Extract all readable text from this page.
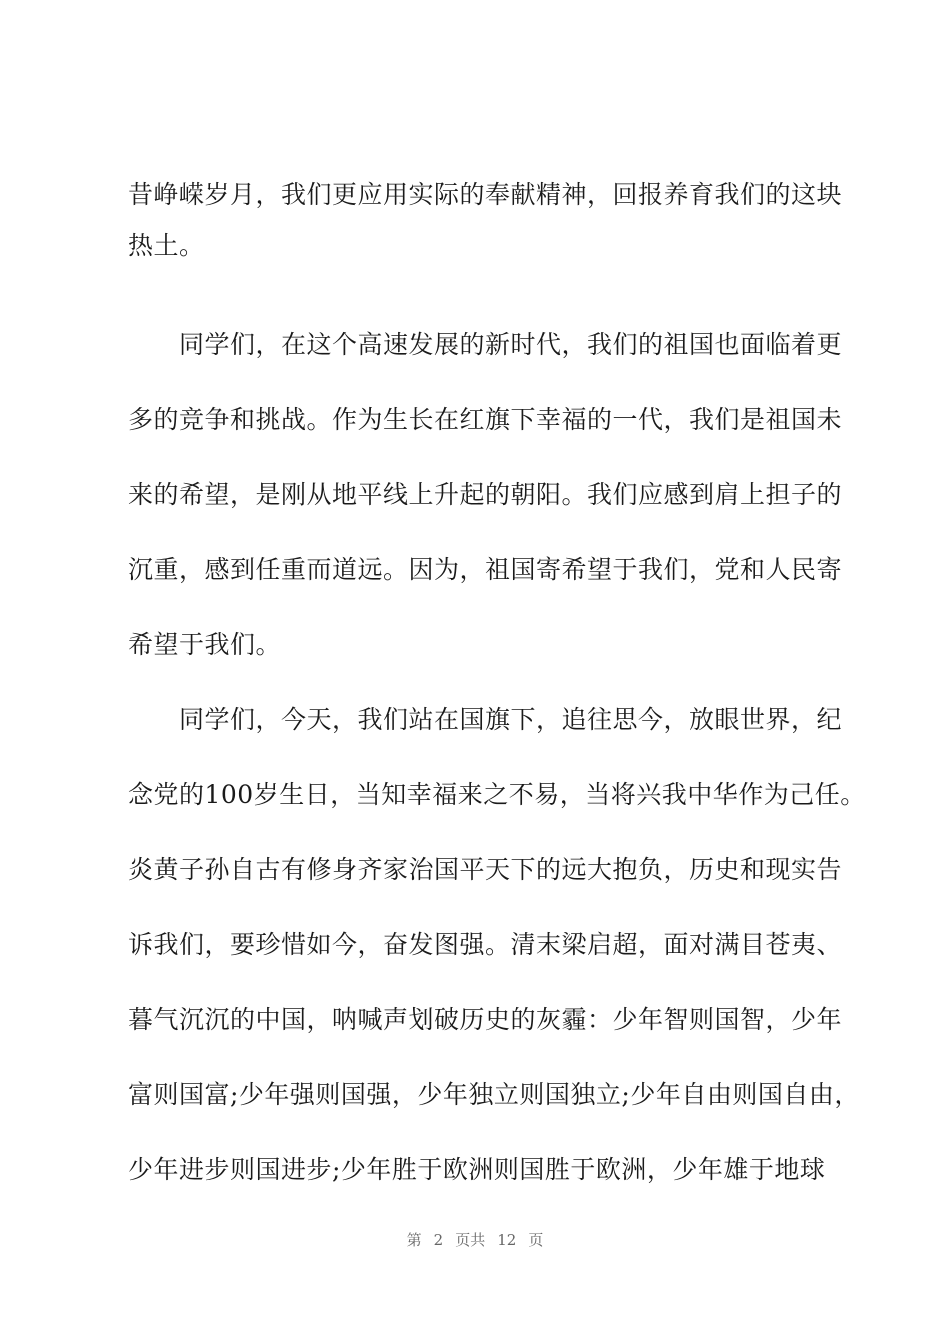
昔峥嵘岁月，我们更应用实际的奉献精神，回报养育我们的这块
热土。
　　同学们，在这个高速发展的新时代，我们的祖国也面临着更
多的竞争和挑战。作为生长在红旗下幸福的一代，我们是祖国未
来的希望，是刚从地平线上升起的朝阳。我们应感到肩上担子的
沉重，感到任重而道远。因为，祖国寄希望于我们，党和人民寄
希望于我们。
　　同学们，今天，我们站在国旗下，追往思今，放眼世界，纪
念党的100岁生日，当知幸福来之不易，当将兴我中华作为己任。
炎黄子孙自古有修身齐家治国平天下的远大抱负，历史和现实告
诉我们，要珍惜如今，奋发图强。清末梁启超，面对满目苍夷、
暮气沉沉的中国，呐喊声划破历史的灰霾：少年智则国智，少年
富则国富;少年强则国强，少年独立则国独立;少年自由则国自由，
少年进步则国进步;少年胜于欧洲则国胜于欧洲，少年雄于地球
第 2 页共 12 页
